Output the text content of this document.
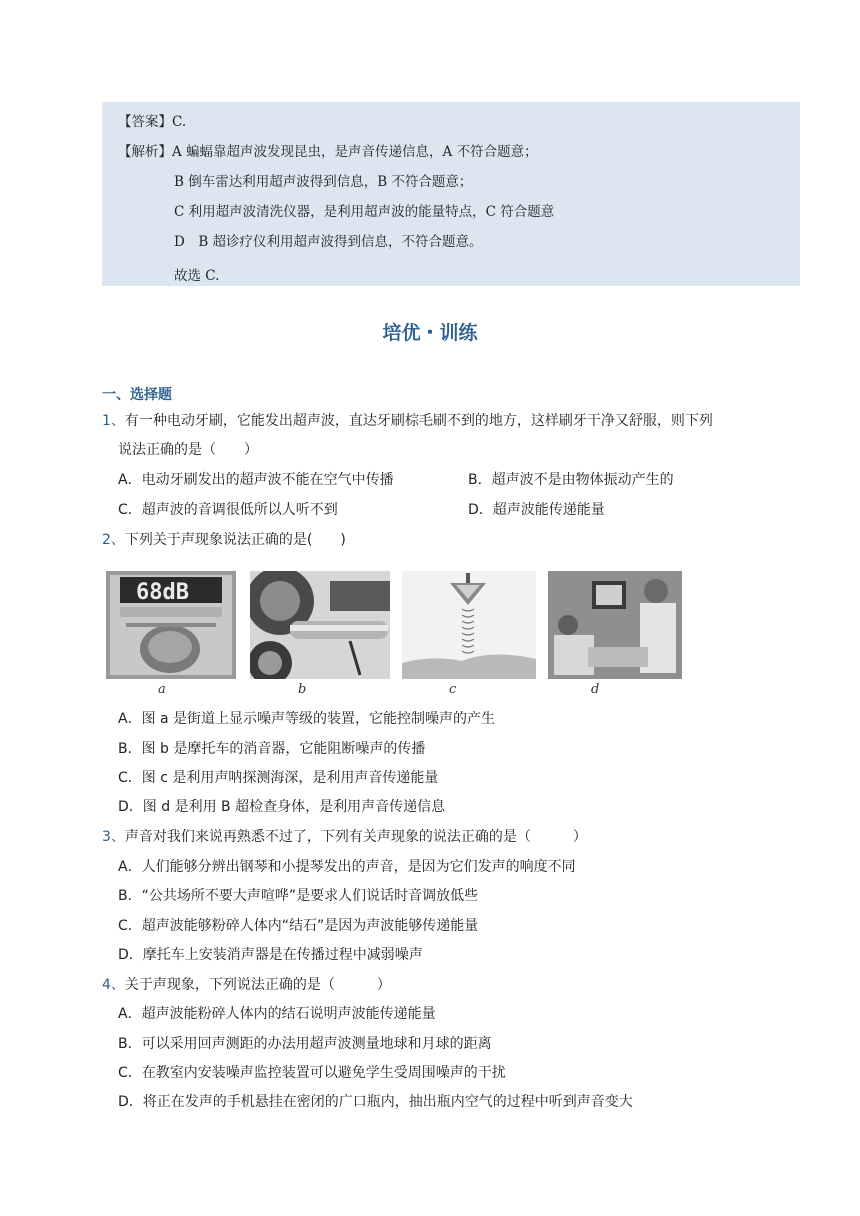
【答案】C.
【解析】A 蝙蝠靠超声波发现昆虫，是声音传递信息，A 不符合题意；
B 倒车雷达利用超声波得到信息，B 不符合题意；
C 利用超声波清洗仪器，是利用超声波的能量特点，C 符合题意
D　B 超诊疗仪利用超声波得到信息，不符合题意。
故选 C.
培优・训练
一、选择题
1、有一种电动牙刷，它能发出超声波，直达牙刷棕毛刷不到的地方，这样刷牙干净又舒服，则下列
说法正确的是（　　）
A．电动牙刷发出的超声波不能在空气中传播	B．超声波不是由物体振动产生的
C．超声波的音调很低所以人听不到	D．超声波能传递能量
2、下列关于声现象说法正确的是(　　)
68dB
a	b	c	d
A．图 a 是街道上显示噪声等级的装置，它能控制噪声的产生
B．图 b 是摩托车的消音器，它能阻断噪声的传播
C．图 c 是利用声呐探测海深，是利用声音传递能量
D．图 d 是利用 B 超检查身体，是利用声音传递信息
3、声音对我们来说再熟悉不过了，下列有关声现象的说法正确的是（　　　）
A．人们能够分辨出钢琴和小提琴发出的声音，是因为它们发声的响度不同
B．“公共场所不要大声喧哗”是要求人们说话时音调放低些
C．超声波能够粉碎人体内“结石”是因为声波能够传递能量
D．摩托车上安装消声器是在传播过程中减弱噪声
4、关于声现象，下列说法正确的是（　　　）
A．超声波能粉碎人体内的结石说明声波能传递能量
B．可以采用回声测距的办法用超声波测量地球和月球的距离
C．在教室内安装噪声监控装置可以避免学生受周围噪声的干扰
D．将正在发声的手机悬挂在密闭的广口瓶内，抽出瓶内空气的过程中听到声音变大
